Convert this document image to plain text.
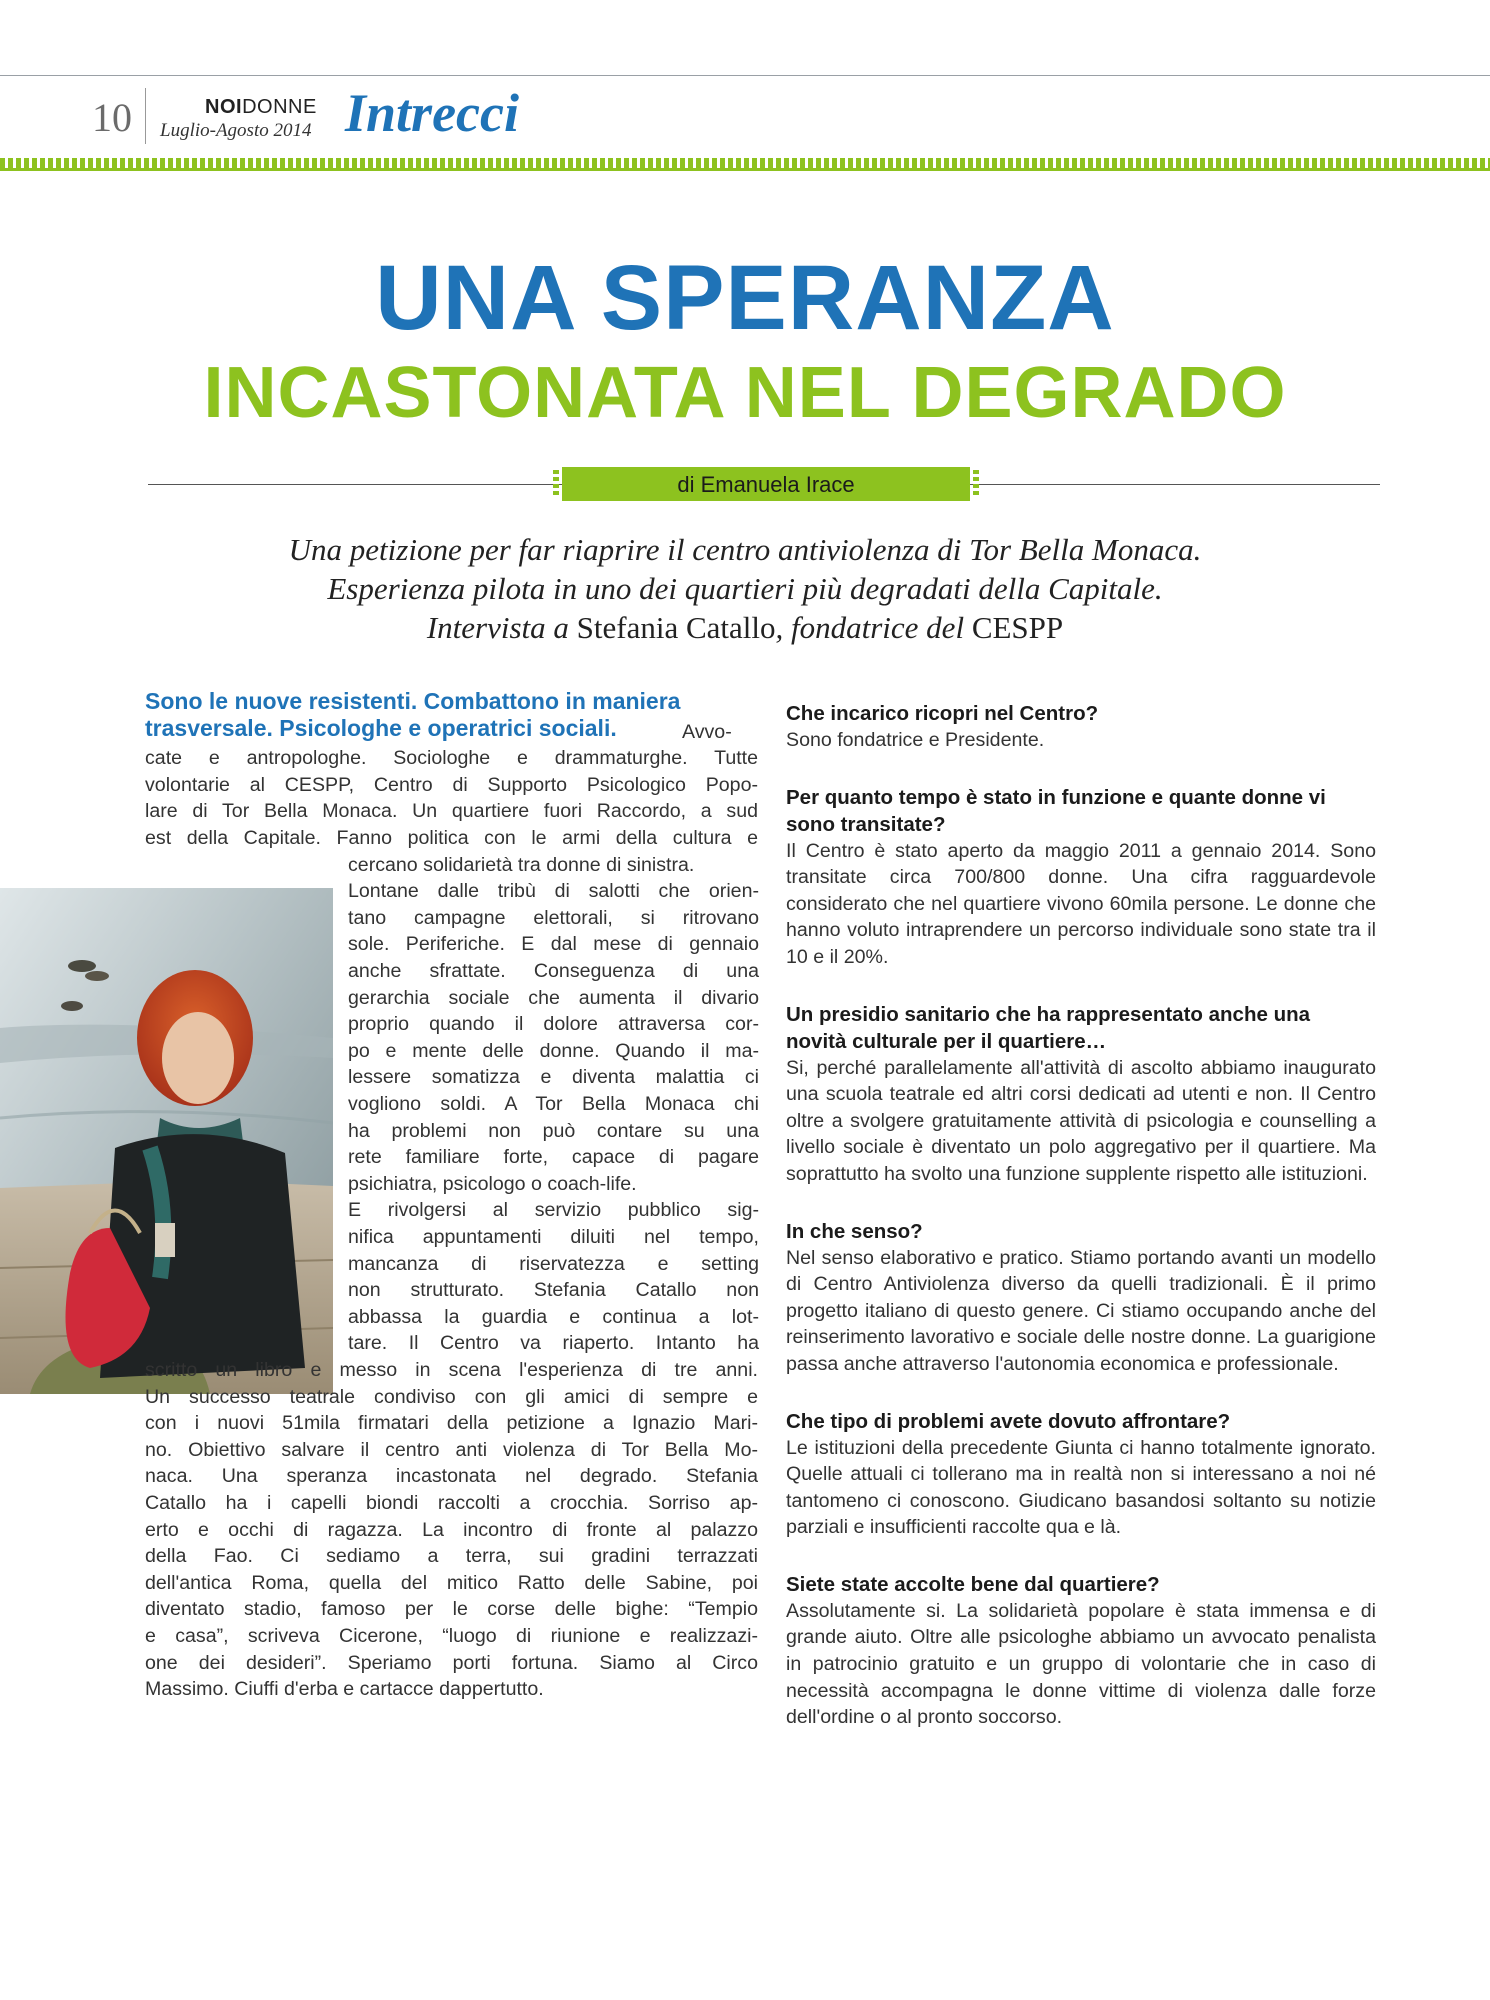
10	NOIDONNE
Luglio-Agosto 2014 Intrecci
UNA SPERANZA
INCASTONATA NEL DEGRADO
di Emanuela Irace
Una petizione per far riaprire il centro antiviolenza di Tor Bella Monaca.
Esperienza pilota in uno dei quartieri più degradati della Capitale.
Intervista a Stefania Catallo, fondatrice del CESPP
Sono le nuove resistenti. Combattono in maniera
trasversale. Psicologhe e operatrici sociali.	Avvo-
cate e antropologhe. Sociologhe e drammaturghe. Tutte
volontarie al CESPP, Centro di Supporto Psicologico Popo-
lare di Tor Bella Monaca. Un quartiere fuori Raccordo, a sud
est della Capitale. Fanno politica con le armi della cultura e
cercano solidarietà tra donne di sinistra.
Lontane dalle tribù di salotti che orien-
tano campagne elettorali, si ritrovano
sole. Periferiche. E dal mese di gennaio
anche sfrattate. Conseguenza di una
gerarchia sociale che aumenta il divario
proprio quando il dolore attraversa cor-
po e mente delle donne. Quando il ma-
lessere somatizza e diventa malattia ci
vogliono soldi. A Tor Bella Monaca chi
ha problemi non può contare su una
rete familiare forte, capace di pagare
psichiatra, psicologo o coach-life.
E rivolgersi al servizio pubblico sig-
nifica appuntamenti diluiti nel tempo,
mancanza di riservatezza e setting
non strutturato. Stefania Catallo non
abbassa la guardia e continua a lot-
tare. Il Centro va riaperto. Intanto ha
scritto un libro e messo in scena l'esperienza di tre anni.
Un successo teatrale condiviso con gli amici di sempre e
con i nuovi 51mila firmatari della petizione a Ignazio Mari-
no. Obiettivo salvare il centro anti violenza di Tor Bella Mo-
naca. Una speranza incastonata nel degrado. Stefania
Catallo ha i capelli biondi raccolti a crocchia. Sorriso ap-
erto e occhi di ragazza. La incontro di fronte al palazzo
della Fao. Ci sediamo a terra, sui gradini terrazzati
dell'antica Roma, quella del mitico Ratto delle Sabine, poi
diventato stadio, famoso per le corse delle bighe: “Tempio
e casa”, scriveva Cicerone, “luogo di riunione e realizzazi-
one dei desideri”. Speriamo porti fortuna. Siamo al Circo
Massimo. Ciuffi d'erba e cartacce dappertutto.

Che incarico ricopri nel Centro?

Sono fondatrice e Presidente.

Per quanto tempo è stato in funzione e quante donne vi sono transitate?

Il Centro è stato aperto da maggio 2011 a gennaio 2014. Sono transitate circa 700/800 donne. Una cifra ragguardevole considerato che nel quartiere vivono 60mila persone. Le donne che hanno voluto intraprendere un percorso individuale sono state tra il 10 e il 20%.

Un presidio sanitario che ha rappresentato anche una novità culturale per il quartiere…

Si, perché parallelamente all'attività di ascolto abbiamo inaugurato una scuola teatrale ed altri corsi dedicati ad utenti e non. Il Centro oltre a svolgere gratuitamente attività di psicologia e counselling a livello sociale è diventato un polo aggregativo per il quartiere. Ma soprattutto ha svolto una funzione supplente rispetto alle istituzioni.

In che senso?

Nel senso elaborativo e pratico. Stiamo portando avanti un modello di Centro Antiviolenza diverso da quelli tradizionali. È il primo progetto italiano di questo genere. Ci stiamo occupando anche del reinserimento lavorativo e sociale delle nostre donne. La guarigione passa anche attraverso l'autonomia economica e professionale.

Che tipo di problemi avete dovuto affrontare?

Le istituzioni della precedente Giunta ci hanno totalmente ignorato. Quelle attuali ci tollerano ma in realtà non si interessano a noi né tantomeno ci conoscono. Giudicano basandosi soltanto su notizie parziali e insufficienti raccolte qua e là.

Siete state accolte bene dal quartiere?

Assolutamente si. La solidarietà popolare è stata immensa e di grande aiuto. Oltre alle psicologhe abbiamo un avvocato penalista in patrocinio gratuito e un gruppo di volontarie che in caso di necessità accompagna le donne vittime di violenza dalle forze dell'ordine o al pronto soccorso.
